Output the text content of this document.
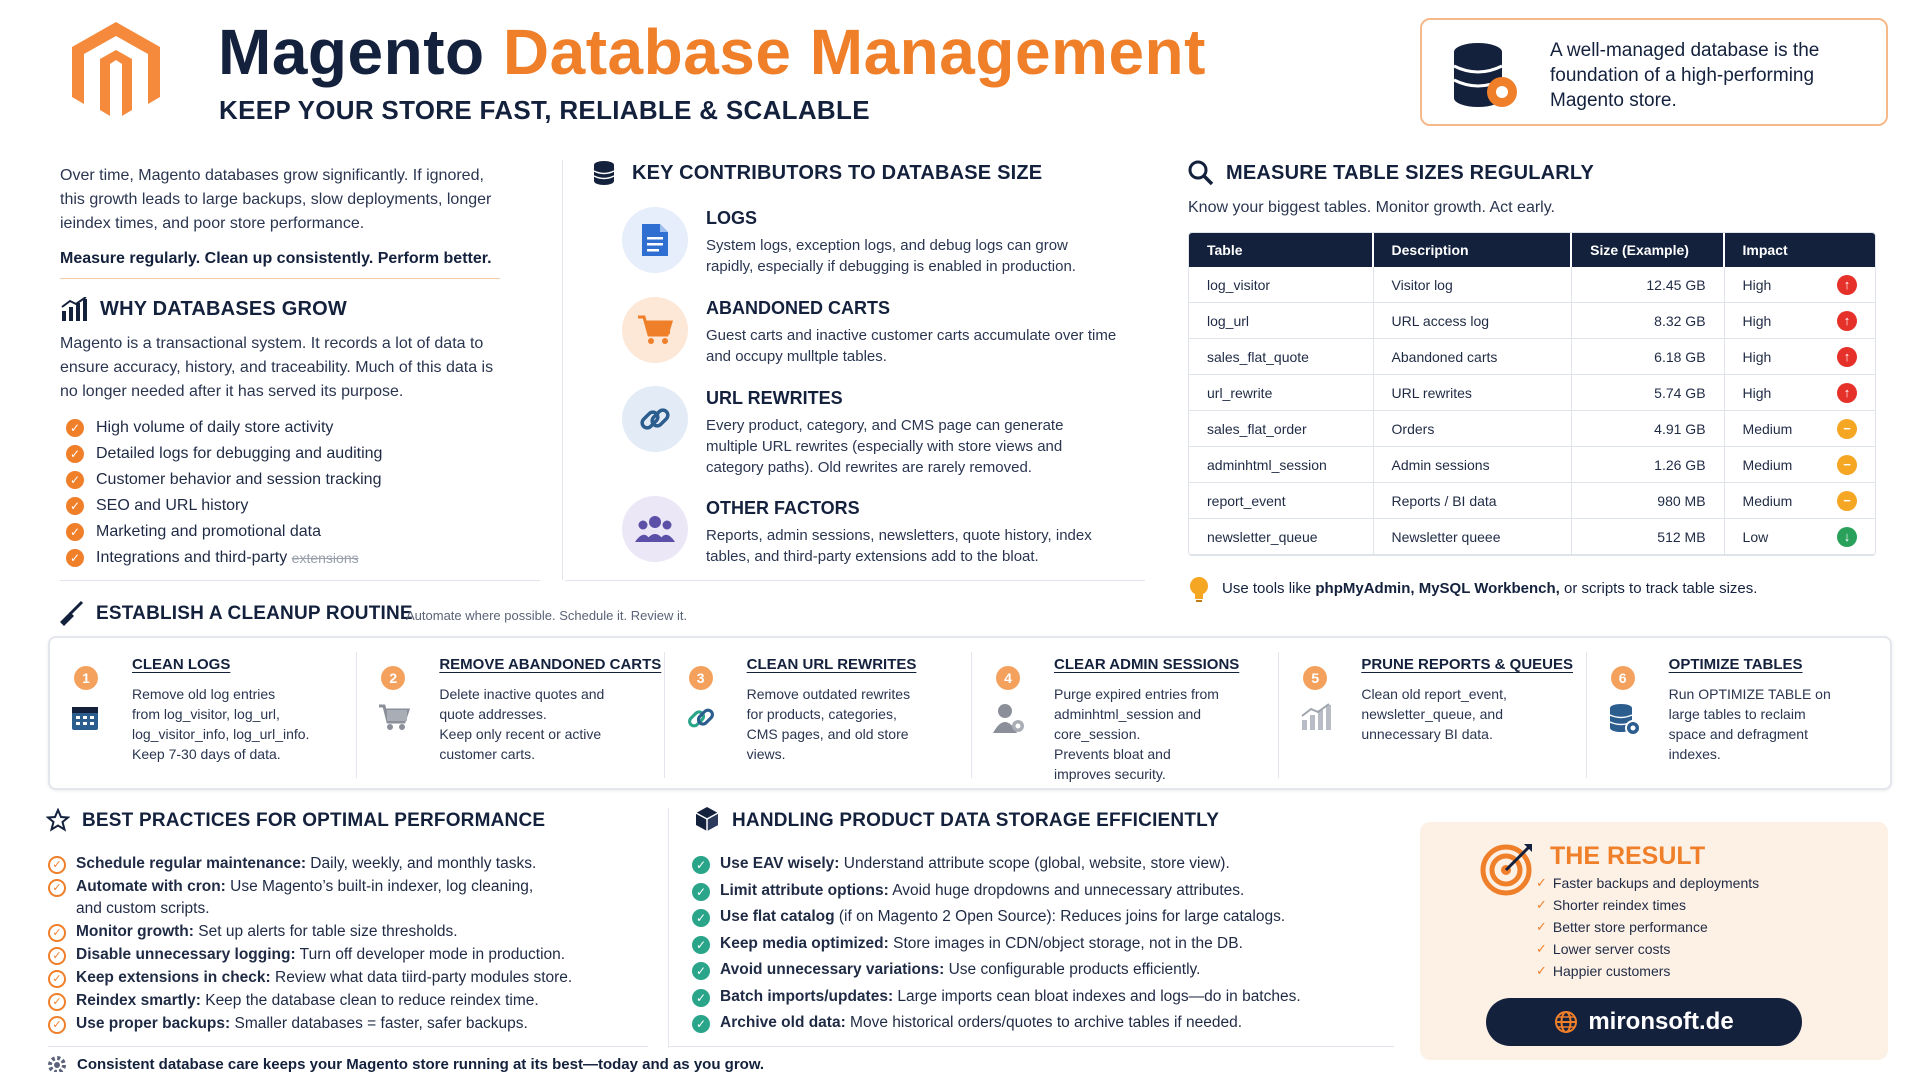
Magento Database Management
KEEP YOUR STORE FAST, RELIABLE & SCALABLE
A well-managed database is the foundation of a high-performing Magento store.
Over time, Magento databases grow significantly. If ignored, this growth leads to large backups, slow deployments, longer ieindex times, and poor store performance.
Measure regularly. Clean up consistently. Perform better.
WHY DATABASES GROW
Magento is a transactional system. It records a lot of data to ensure accuracy, history, and traceability. Much of this data is no longer needed after it has served its purpose.
✓ High volume of daily store activity
✓ Detailed logs for debugging and auditing
✓ Customer behavior and session tracking
✓ SEO and URL history
✓ Marketing and promotional data
✓ Integrations and third-party
extensions
KEY CONTRIBUTORS TO DATABASE SIZE
LOGS
System logs, exception logs, and debug logs can grow rapidly, especially if debugging is enabled in production.
ABANDONED CARTS
Guest carts and inactive customer carts accumulate over time and occupy mulltple tables.
URL REWRITES
Every product, category, and CMS page can generate multiple URL rewrites (especially with store views and category paths). Old rewrites are rarely removed.
OTHER FACTORS
Reports, admin sessions, newsletters, quote history, index tables, and third-party extensions add to the bloat.
MEASURE TABLE SIZES REGULARLY
Know your biggest tables. Monitor growth. Act early.
Table	Description	Size (Example)	Impact
log_visitor	Visitor log	12.45 GB	High ↑

log_url	URL access log	8.32 GB	High ↑

sales_flat_quote	Abandoned carts	6.18 GB	High ↑

url_rewrite	URL rewrites	5.74 GB	High ↑

sales_flat_order	Orders	4.91 GB	Medium −

adminhtml_session	Admin sessions	1.26 GB	Medium −

report_event	Reports / BI data	980 MB	Medium −

newsletter_queue	Newsletter queee	512 MB	Low ↓
Use tools like phpMyAdmin, MySQL Workbench, or scripts to track table sizes.
ESTABLISH A CLEANUP ROUTINE
Automate where possible. Schedule it. Review it.
1
CLEAN LOGS
Remove old log entries
from log_visitor, log_url,
log_visitor_info, log_url_info.
Keep 7-30 days of data.
2
REMOVE ABANDONED CARTS
Delete inactive quotes and
quote addresses.
Keep only recent or active
customer carts.
3
CLEAN URL REWRITES
Remove outdated rewrites
for products, categories,
CMS pages, and old store
views.
4
CLEAR ADMIN SESSIONS
Purge expired entries from
adminhtml_session and
core_session.
Prevents bloat and
improves security.
5
PRUNE REPORTS & QUEUES
Clean old report_event,
newsletter_queue, and
unnecessary BI data.
6
OPTIMIZE TABLES
Run OPTIMIZE TABLE on
large tables to reclaim
space and defragment
indexes.
BEST PRACTICES FOR OPTIMAL PERFORMANCE
✓ Schedule regular maintenance: Daily, weekly, and monthly tasks.
✓ Automate with cron: Use Magento’s built-in indexer, log cleaning,
and custom scripts.
✓ Monitor growth: Set up alerts for table size thresholds.
✓ Disable unnecessary logging: Turn off developer mode in production.
✓ Keep extensions in check: Review what data tiird-party modules store.
✓ Reindex smartly: Keep the database clean to reduce reindex time.
✓ Use proper backups: Smaller databases = faster, safer backups.
HANDLING PRODUCT DATA STORAGE EFFICIENTLY
✓ Use EAV wisely: Understand attribute scope (global, website, store view).
✓ Limit attribute options: Avoid huge dropdowns and unnecessary attributes.
✓ Use flat catalog (if on Magento 2 Open Source): Reduces joins for large catalogs.
✓ Keep media optimized: Store images in CDN/object storage, not in the DB.
✓ Avoid unnecessary variations: Use configurable products efficiently.
✓ Batch imports/updates: Large imports cean bloat indexes and logs—do in batches.
✓ Archive old data: Move historical orders/quotes to archive tables if needed.
THE RESULT
✓ Faster backups and deployments
✓ Shorter reindex times
✓ Better store performance
✓ Lower server costs
✓ Happier customers
mironsoft.de
Consistent database care keeps your Magento store running at its best—today and as you grow.
